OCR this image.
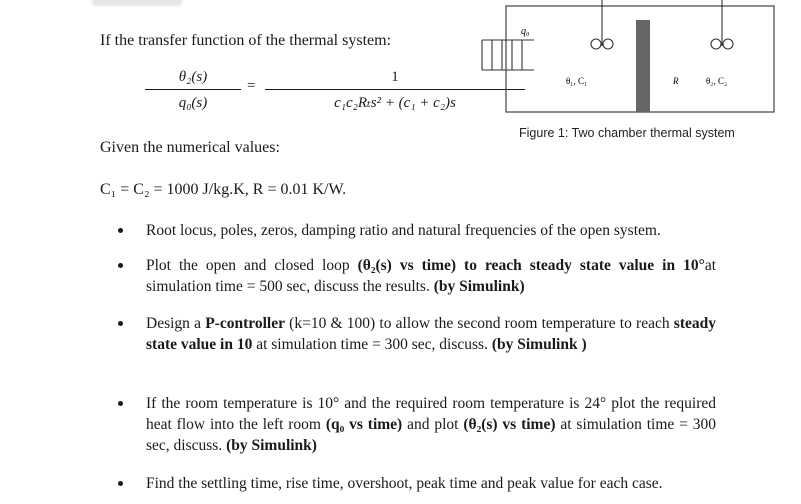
If the transfer function of the thermal system:
θ₂(s)
q₀(s)
=
1
c₁c₂Rₜs² + (c₁ + c₂)s
q₀
θ₁, C₁	R	θ₂, C₂
Figure 1: Two chamber thermal system
Given the numerical values:
C₁ = C₂ = 1000 J/kg.K, R = 0.01 K/W.
Root locus, poles, zeros, damping ratio and natural frequencies of the open system.
Plot the open and closed loop (θ₂(s) vs time) to reach steady state value in 10°at simulation time = 500 sec, discuss the results. (by Simulink)
Design a P-controller (k=10 & 100) to allow the second room temperature to reach steady state value in 10 at simulation time = 300 sec, discuss. (by Simulink )
If the room temperature is 10° and the required room temperature is 24° plot the required heat flow into the left room (q₀ vs time) and plot (θ₂(s) vs time) at simulation time = 300 sec, discuss. (by Simulink)
Find the settling time, rise time, overshoot, peak time and peak value for each case.
